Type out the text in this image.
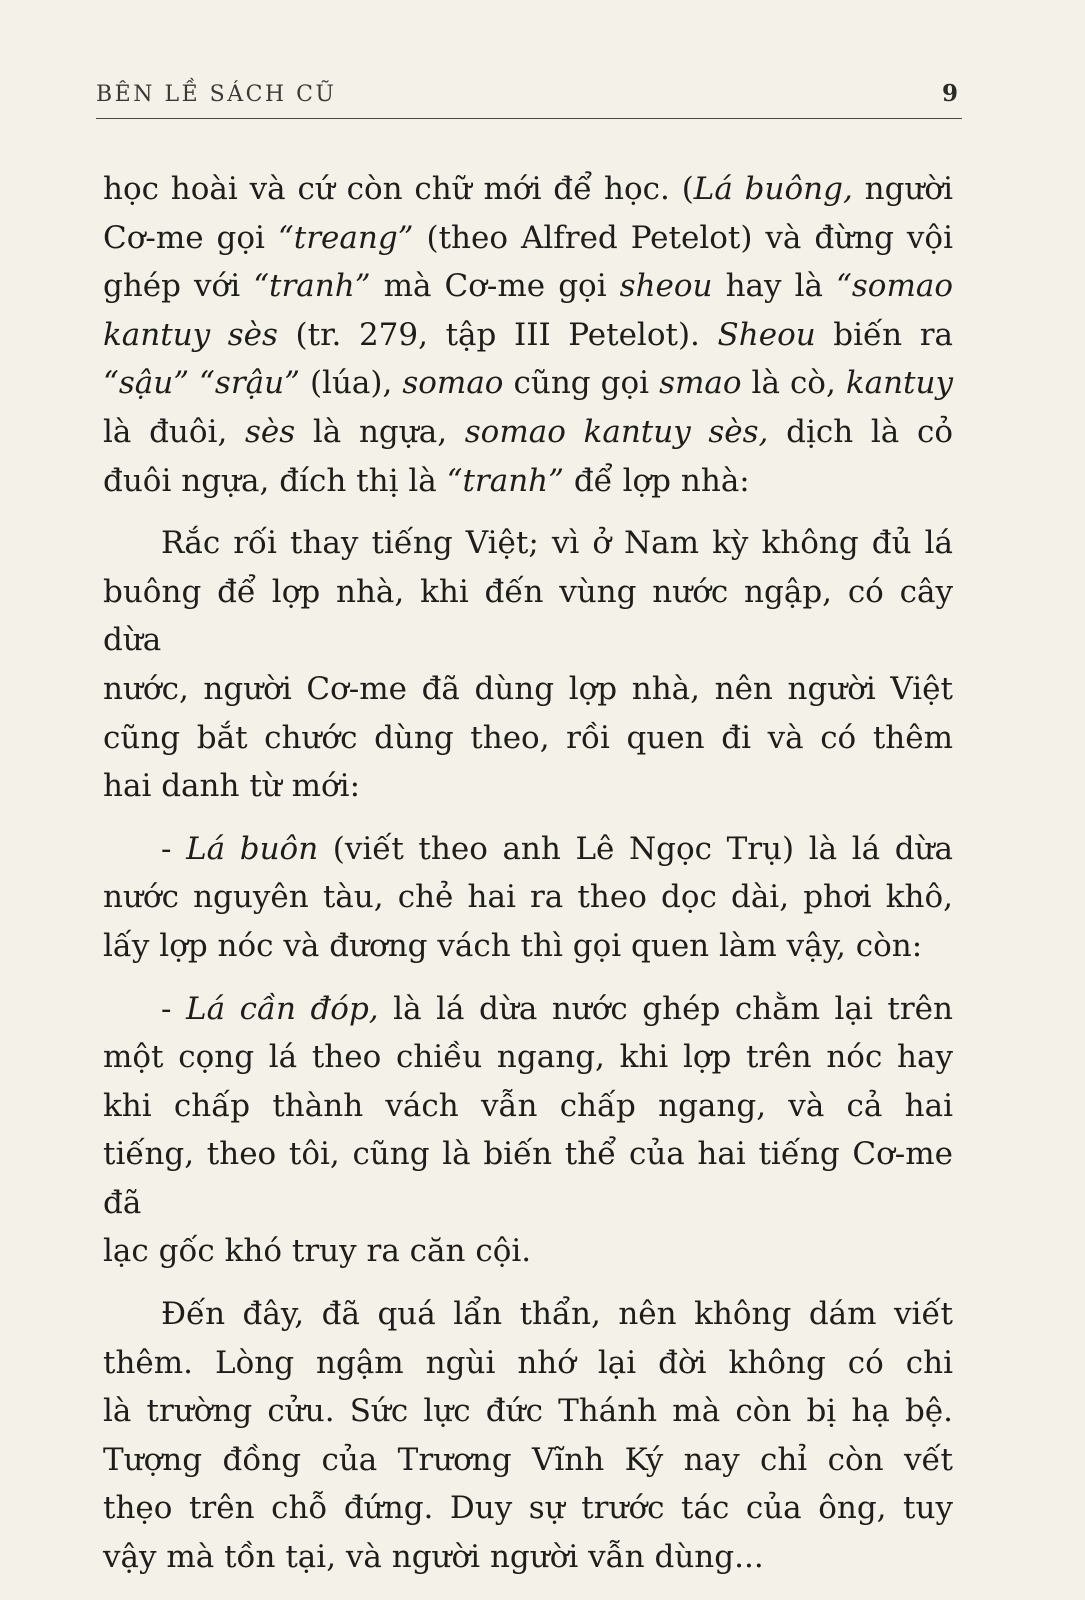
BÊN LỀ SÁCH CŨ	9

học hoài và cứ còn chữ mới để học. (Lá buông, người
Cơ-me gọi “treang” (theo Alfred Petelot) và đừng vội
ghép với “tranh” mà Cơ-me gọi sheou hay là “somao
kantuy sès (tr. 279, tập III Petelot). Sheou biến ra
“sậu” “srậu” (lúa), somao cũng gọi smao là cò, kantuy
là đuôi, sès là ngựa, somao kantuy sès, dịch là cỏ
đuôi ngựa, đích thị là “tranh” để lợp nhà:

Rắc rối thay tiếng Việt; vì ở Nam kỳ không đủ lá
buông để lợp nhà, khi đến vùng nước ngập, có cây dừa
nước, người Cơ-me đã dùng lợp nhà, nên người Việt
cũng bắt chước dùng theo, rồi quen đi và có thêm
hai danh từ mới:

- Lá buôn (viết theo anh Lê Ngọc Trụ) là lá dừa
nước nguyên tàu, chẻ hai ra theo dọc dài, phơi khô,
lấy lợp nóc và đương vách thì gọi quen làm vậy, còn:

- Lá cần đóp, là lá dừa nước ghép chằm lại trên
một cọng lá theo chiều ngang, khi lợp trên nóc hay
khi chấp thành vách vẫn chấp ngang, và cả hai
tiếng, theo tôi, cũng là biến thể của hai tiếng Cơ-me đã
lạc gốc khó truy ra căn cội.

Đến đây, đã quá lẩn thẩn, nên không dám viết
thêm. Lòng ngậm ngùi nhớ lại đời không có chi
là trường cửu. Sức lực đức Thánh mà còn bị hạ bệ.
Tượng đồng của Trương Vĩnh Ký nay chỉ còn vết
thẹo trên chỗ đứng. Duy sự trước tác của ông, tuy
vậy mà tồn tại, và người người vẫn dùng...
